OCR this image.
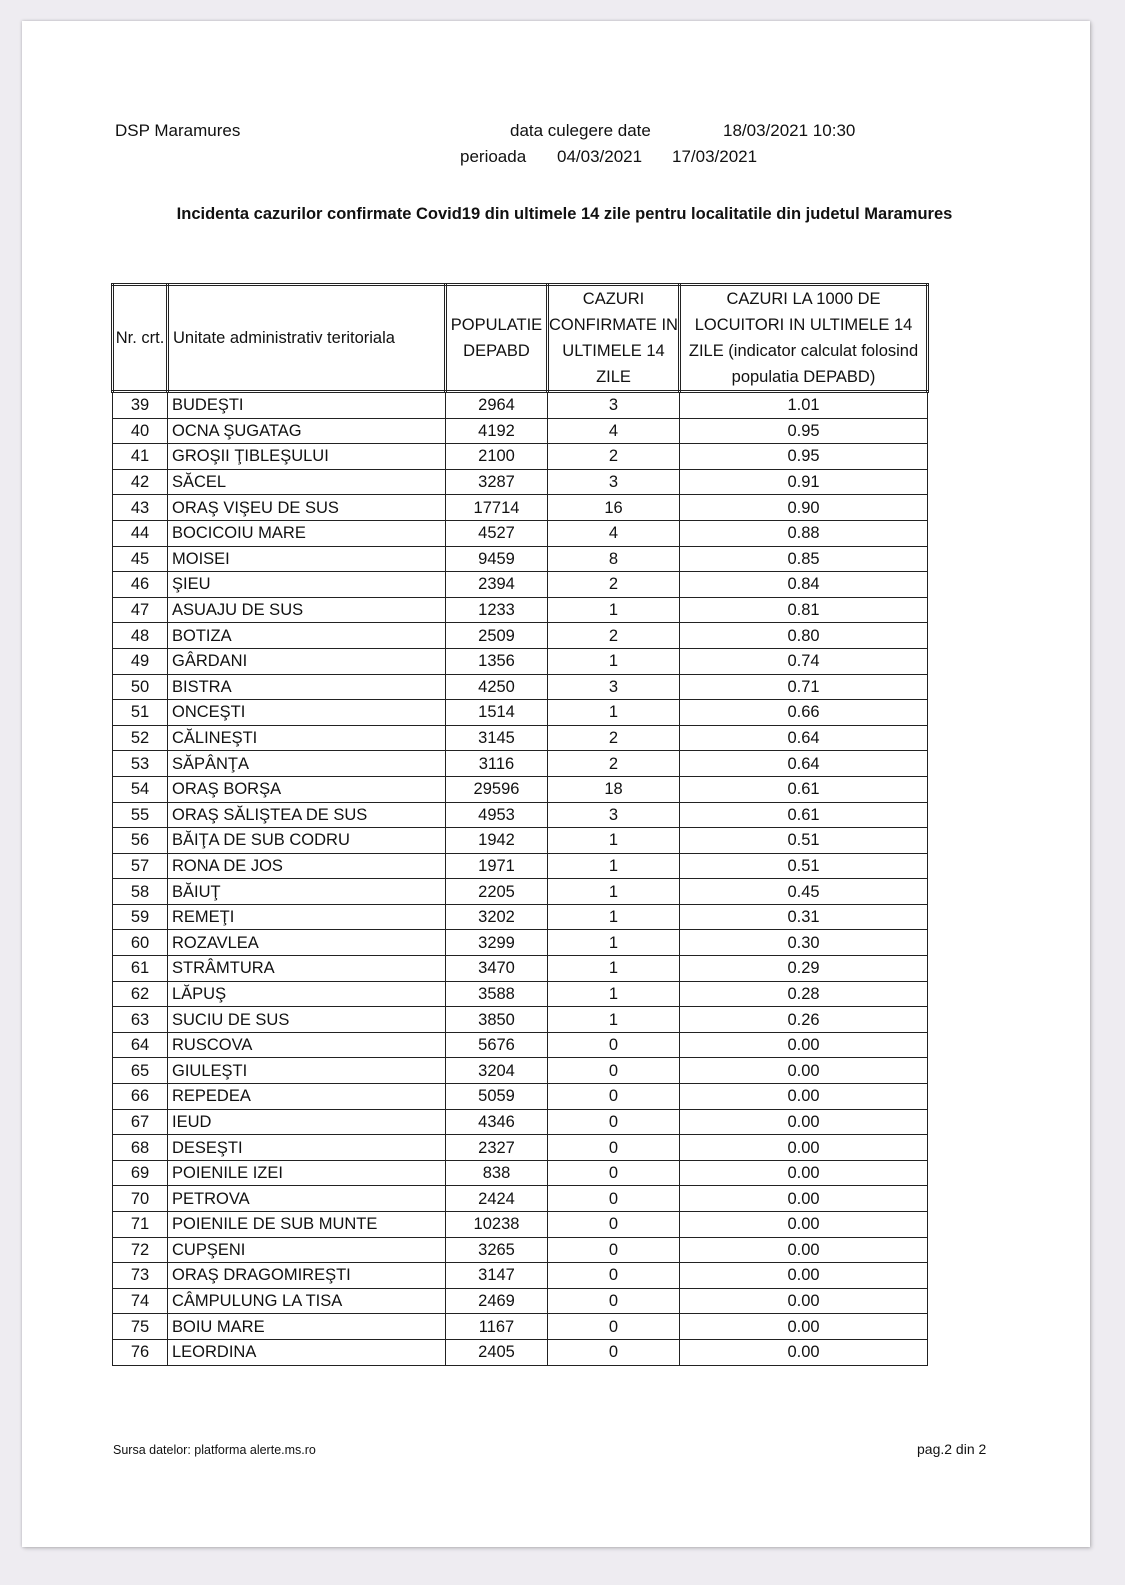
DSP Maramures	data culegere date	18/03/2021 10:30
perioada 04/03/2021 17/03/2021
Incidenta cazurilor confirmate Covid19 din ultimele 14 zile pentru localitatile din judetul Maramures
Nr. crt.	Unitate administrativ teritoriala	POPULATIE DEPABD	CAZURI CONFIRMATE IN ULTIMELE 14 ZILE	CAZURI LA 1000 DE LOCUITORI IN ULTIMELE 14 ZILE (indicator calculat folosind populatia DEPABD)
39	BUDEŞTI	2964	3	1.01
40	OCNA ŞUGATAG	4192	4	0.95
41	GROŞII ŢIBLEŞULUI	2100	2	0.95
42	SĂCEL	3287	3	0.91
43	ORAŞ VIŞEU DE SUS	17714	16	0.90
44	BOCICOIU MARE	4527	4	0.88
45	MOISEI	9459	8	0.85
46	ŞIEU	2394	2	0.84
47	ASUAJU DE SUS	1233	1	0.81
48	BOTIZA	2509	2	0.80
49	GÂRDANI	1356	1	0.74
50	BISTRA	4250	3	0.71
51	ONCEŞTI	1514	1	0.66
52	CĂLINEŞTI	3145	2	0.64
53	SĂPÂNŢA	3116	2	0.64
54	ORAŞ BORŞA	29596	18	0.61
55	ORAŞ SĂLIŞTEA DE SUS	4953	3	0.61
56	BĂIŢA DE SUB CODRU	1942	1	0.51
57	RONA DE JOS	1971	1	0.51
58	BĂIUŢ	2205	1	0.45
59	REMEŢI	3202	1	0.31
60	ROZAVLEA	3299	1	0.30
61	STRÂMTURA	3470	1	0.29
62	LĂPUŞ	3588	1	0.28
63	SUCIU DE SUS	3850	1	0.26
64	RUSCOVA	5676	0	0.00
65	GIULEŞTI	3204	0	0.00
66	REPEDEA	5059	0	0.00
67	IEUD	4346	0	0.00
68	DESEŞTI	2327	0	0.00
69	POIENILE IZEI	838	0	0.00
70	PETROVA	2424	0	0.00
71	POIENILE DE SUB MUNTE	10238	0	0.00
72	CUPŞENI	3265	0	0.00
73	ORAŞ DRAGOMIREŞTI	3147	0	0.00
74	CÂMPULUNG LA TISA	2469	0	0.00
75	BOIU MARE	1167	0	0.00
76	LEORDINA	2405	0	0.00
Sursa datelor: platforma alerte.ms.ro	pag.2 din 2
